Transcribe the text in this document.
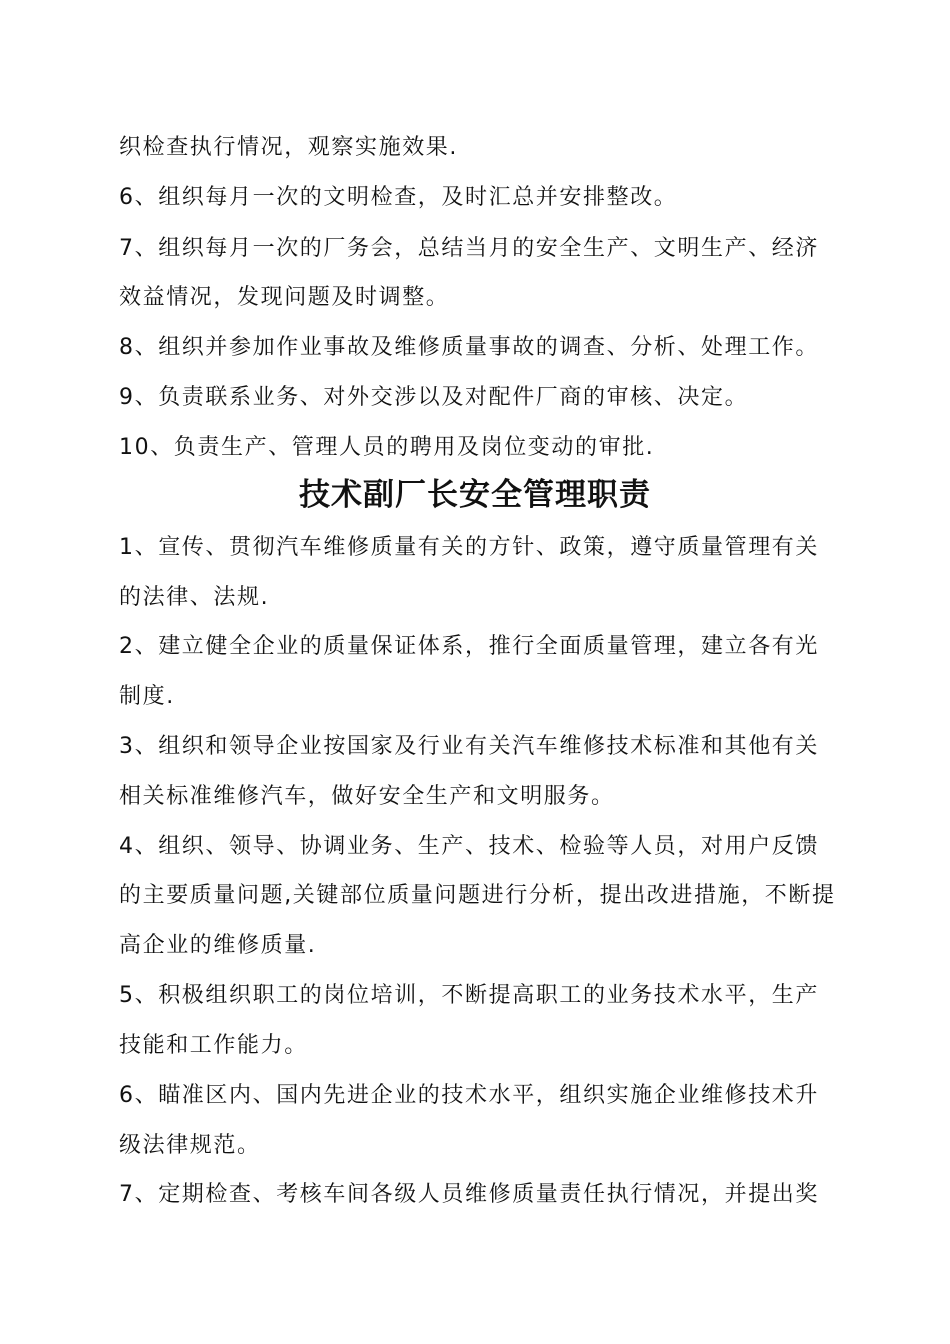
织检查执行情况，观察实施效果.
6、组织每月一次的文明检查，及时汇总并安排整改。
7、组织每月一次的厂务会，总结当月的安全生产、文明生产、经济
效益情况，发现问题及时调整。
8、组织并参加作业事故及维修质量事故的调查、分析、处理工作。
9、负责联系业务、对外交涉以及对配件厂商的审核、决定。
10、负责生产、管理人员的聘用及岗位变动的审批.
技术副厂长安全管理职责
1、宣传、贯彻汽车维修质量有关的方针、政策，遵守质量管理有关
的法律、法规.
2、建立健全企业的质量保证体系，推行全面质量管理，建立各有光
制度.
3、组织和领导企业按国家及行业有关汽车维修技术标准和其他有关
相关标准维修汽车，做好安全生产和文明服务。
4、组织、领导、协调业务、生产、技术、检验等人员，对用户反馈
的主要质量问题,关键部位质量问题进行分析，提出改进措施，不断提
高企业的维修质量.
5、积极组织职工的岗位培训，不断提高职工的业务技术水平，生产
技能和工作能力。
6、瞄准区内、国内先进企业的技术水平，组织实施企业维修技术升
级法律规范。
7、定期检查、考核车间各级人员维修质量责任执行情况，并提出奖
